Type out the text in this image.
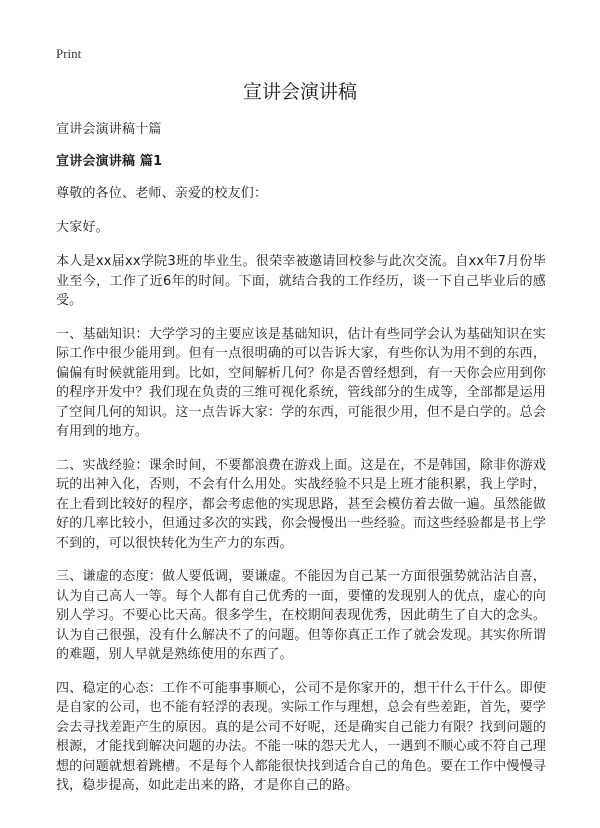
Print
宣讲会演讲稿
宣讲会演讲稿十篇
宣讲会演讲稿 篇1
尊敬的各位、老师、亲爱的校友们：
大家好。

本人是xx届xx学院3班的毕业生。很荣幸被邀请回校参与此次交流。自xx年7月份毕业至今，工作了近6年的时间。下面，就结合我的工作经历，谈一下自己毕业后的感受。

一、基础知识：大学学习的主要应该是基础知识，估计有些同学会认为基础知识在实际工作中很少能用到。但有一点很明确的可以告诉大家，有些你认为用不到的东西，偏偏有时候就能用到。比如，空间解析几何？你是否曾经想到，有一天你会应用到你的程序开发中？我们现在负责的三维可视化系统，管线部分的生成等，全部都是运用了空间几何的知识。这一点告诉大家：学的东西，可能很少用，但不是白学的。总会有用到的地方。

二、实战经验：课余时间，不要都浪费在游戏上面。这是在，不是韩国，除非你游戏玩的出神入化，否则，不会有什么用处。实战经验不只是上班才能积累，我上学时，在上看到比较好的程序，都会考虑他的实现思路，甚至会模仿着去做一遍。虽然能做好的几率比较小，但通过多次的实践，你会慢慢出一些经验。而这些经验都是书上学不到的，可以很快转化为生产力的东西。

三、谦虚的态度：做人要低调，要谦虚。不能因为自己某一方面很强势就沾沾自喜，认为自己高人一等。每个人都有自己优秀的一面，要懂的发现别人的优点，虚心的向别人学习。不要心比天高。很多学生，在校期间表现优秀，因此萌生了自大的念头。认为自己很强，没有什么解决不了的问题。但等你真正工作了就会发现。其实你所谓的难题，别人早就是熟练使用的东西了。

四、稳定的心态：工作不可能事事顺心，公司不是你家开的，想干什么干什么。即使是自家的公司，也不能有轻浮的表现。实际工作与理想，总会有些差距，首先，要学会去寻找差距产生的原因。真的是公司不好呢，还是确实自己能力有限？找到问题的根源，才能找到解决问题的办法。不能一味的怨天尤人，一遇到不顺心或不符自己理想的问题就想着跳槽。不是每个人都能很快找到适合自己的角色。要在工作中慢慢寻找，稳步提高，如此走出来的路，才是你自己的路。
